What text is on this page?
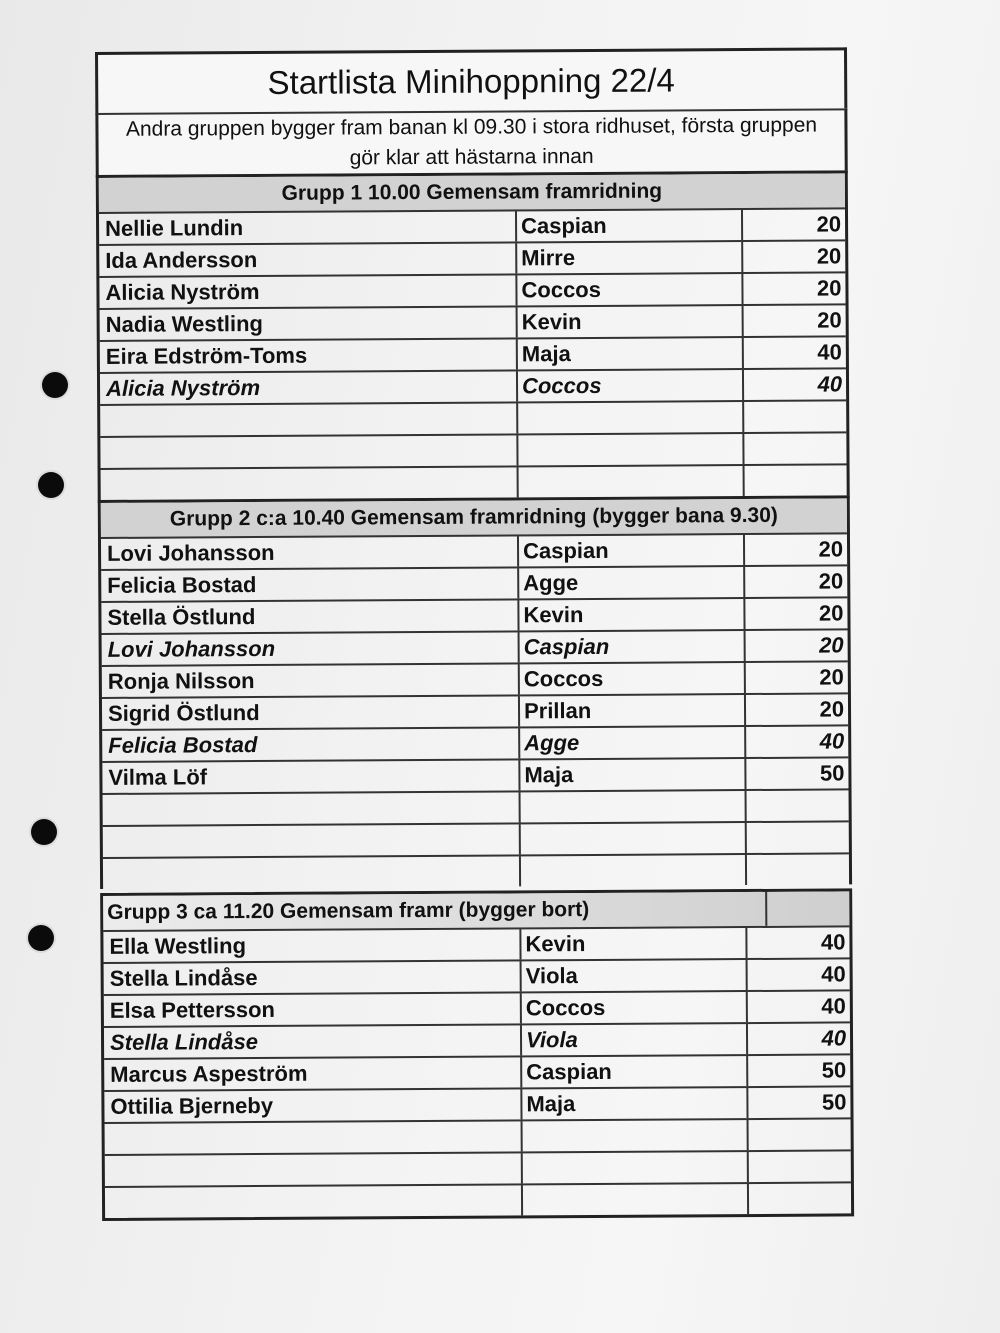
Startlista Minihoppning 22/4
Andra gruppen bygger fram banan kl 09.30 i stora ridhuset, första gruppen gör klar att hästarna innan
Grupp 1 10.00 Gemensam framridning
Nellie Lundin	Caspian	20
Ida Andersson	Mirre	20
Alicia Nyström	Coccos	20
Nadia Westling	Kevin	20
Eira Edström-Toms	Maja	40
Alicia Nyström	Coccos	40
Grupp 2 c:a 10.40 Gemensam framridning (bygger bana 9.30)
Lovi Johansson	Caspian	20
Felicia Bostad	Agge	20
Stella Östlund	Kevin	20
Lovi Johansson	Caspian	20
Ronja Nilsson	Coccos	20
Sigrid Östlund	Prillan	20
Felicia Bostad	Agge	40
Vilma Löf	Maja	50
Grupp 3 ca 11.20 Gemensam framr (bygger bort)
Ella Westling	Kevin	40
Stella Lindåse	Viola	40
Elsa Pettersson	Coccos	40
Stella Lindåse	Viola	40
Marcus Aspeström	Caspian	50
Ottilia Bjerneby	Maja	50
